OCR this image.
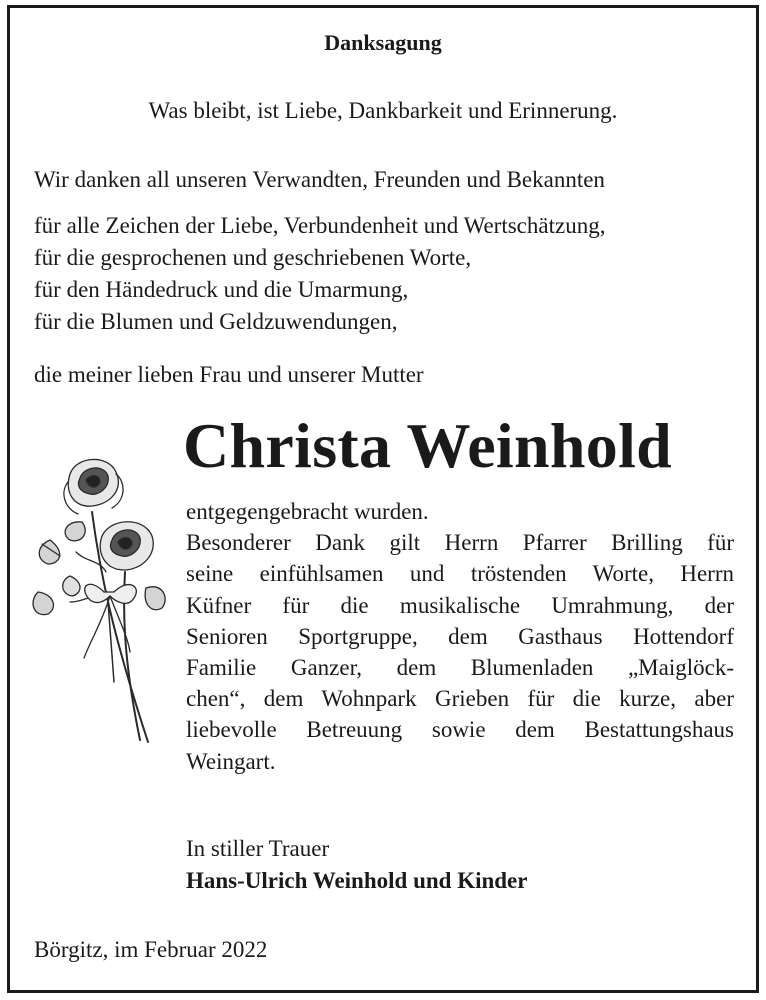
Danksagung
Was bleibt, ist Liebe, Dankbarkeit und Erinnerung.
Wir danken all unseren Verwandten, Freunden und Bekannten
für alle Zeichen der Liebe, Verbundenheit und Wertschätzung,
für die gesprochenen und geschriebenen Worte,
für den Händedruck und die Umarmung,
für die Blumen und Geldzuwendungen,
die meiner lieben Frau und unserer Mutter
Christa Weinhold
entgegengebracht wurden.
Besonderer Dank gilt Herrn Pfarrer Brilling für
seine einfühlsamen und tröstenden Worte, Herrn
Küfner für die musikalische Umrahmung, der
Senioren Sportgruppe, dem Gasthaus Hottendorf
Familie Ganzer, dem Blumenladen „Maiglöck-
chen“, dem Wohnpark Grieben für die kurze, aber
liebevolle Betreuung sowie dem Bestattungshaus
Weingart.
In stiller Trauer
Hans-Ulrich Weinhold und Kinder
Börgitz, im Februar 2022
